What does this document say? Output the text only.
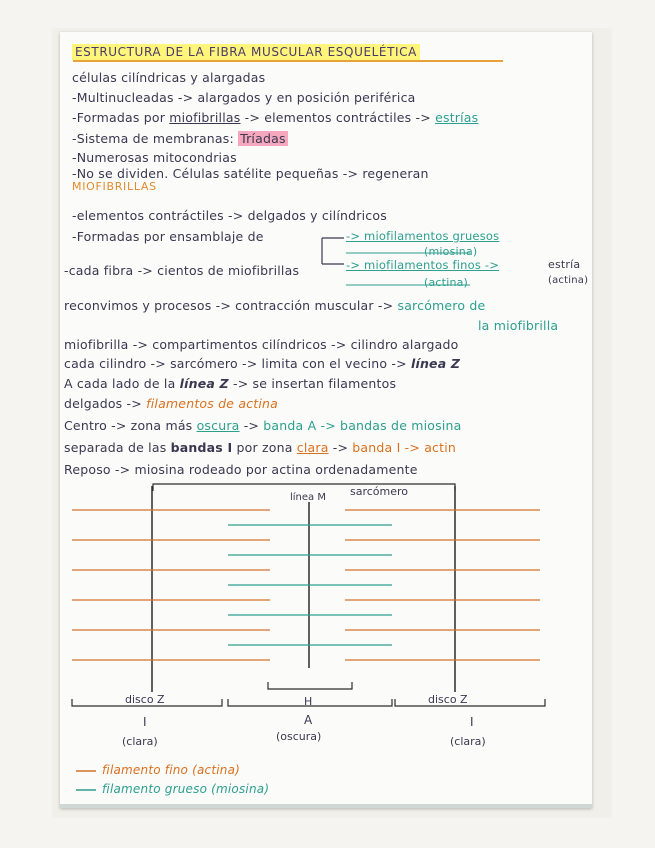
ESTRUCTURA DE LA FIBRA MUSCULAR ESQUELÉTICA
células cilíndricas y alargadas
-Multinucleadas -> alargados y en posición periférica
-Formadas por miofibrillas -> elementos contráctiles -> estrías
-Sistema de membranas: Tríadas
-Numerosas mitocondrias
-No se dividen. Células satélite pequeñas -> regeneran
MIOFIBRILLAS
-elementos contráctiles -> delgados y cilíndricos
-Formadas por ensamblaje de	-> miofilamentos gruesos
(miosina)
-> miofilamentos finos ->
(actina)
estría
(actina)
-cada fibra -> cientos de miofibrillas
reconvimos y procesos -> contracción muscular -> sarcómero de
la miofibrilla
miofibrilla -> compartimentos cilíndricos -> cilindro alargado
cada cilindro -> sarcómero -> limita con el vecino -> línea Z
A cada lado de la línea Z -> se insertan filamentos
delgados -> filamentos de actina
Centro -> zona más oscura -> banda A -> bandas de miosina
separada de las bandas I por zona clara -> banda I -> actin
Reposo -> miosina rodeado por actina ordenadamente
línea M sarcómero
disco Z	disco Z
H
I
(clara)
A
(oscura)
I
(clara)
filamento fino (actina)
filamento grueso (miosina)
